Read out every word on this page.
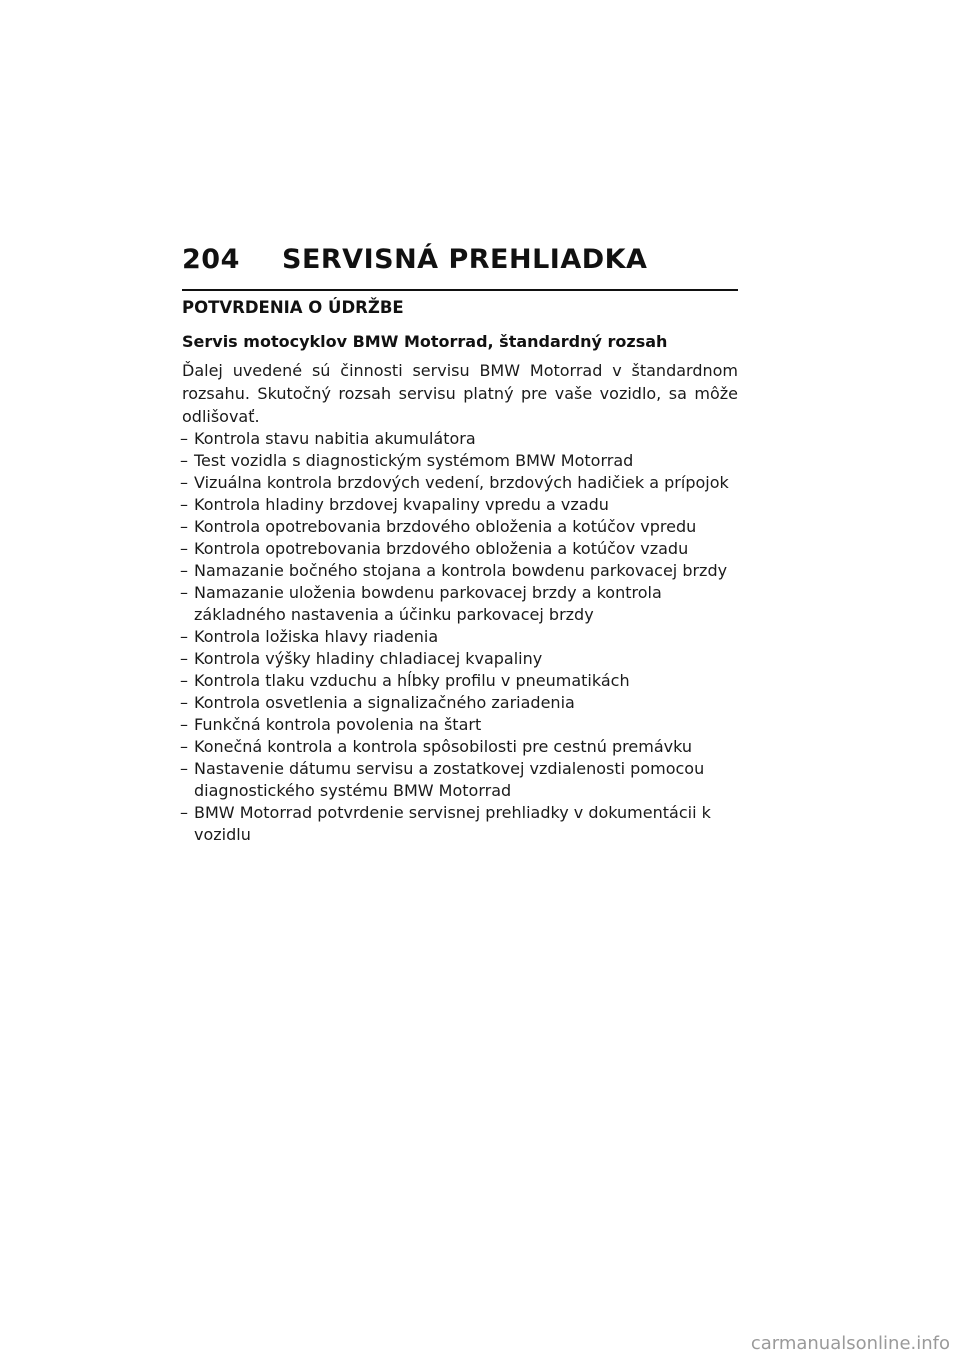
204	SERVISNÁ PREHLIADKA
POTVRDENIA O ÚDRŽBE
Servis motocyklov BMW Motorrad, štandardný rozsah

Ďalej uvedené sú činnosti servisu BMW Motorrad v štandardnom rozsahu. Skutočný rozsah servisu platný pre vaše vozidlo, sa môže odlišovať.

– Kontrola stavu nabitia akumulátora
– Test vozidla s diagnostickým systémom BMW Motorrad
– Vizuálna kontrola brzdových vedení, brzdových hadičiek a prípojok
– Kontrola hladiny brzdovej kvapaliny vpredu a vzadu
– Kontrola opotrebovania brzdového obloženia a kotúčov vpredu
– Kontrola opotrebovania brzdového obloženia a kotúčov vzadu
– Namazanie bočného stojana a kontrola bowdenu parkovacej brzdy
– Namazanie uloženia bowdenu parkovacej brzdy a kontrola základného nastavenia a účinku parkovacej brzdy
– Kontrola ložiska hlavy riadenia
– Kontrola výšky hladiny chladiacej kvapaliny
– Kontrola tlaku vzduchu a hĺbky profilu v pneumatikách
– Kontrola osvetlenia a signalizačného zariadenia
– Funkčná kontrola povolenia na štart
– Konečná kontrola a kontrola spôsobilosti pre cestnú premávku
– Nastavenie dátumu servisu a zostatkovej vzdialenosti pomocou diagnostického systému BMW Motorrad
– BMW Motorrad potvrdenie servisnej prehliadky v dokumentácii k vozidlu
carmanualsonline.info
